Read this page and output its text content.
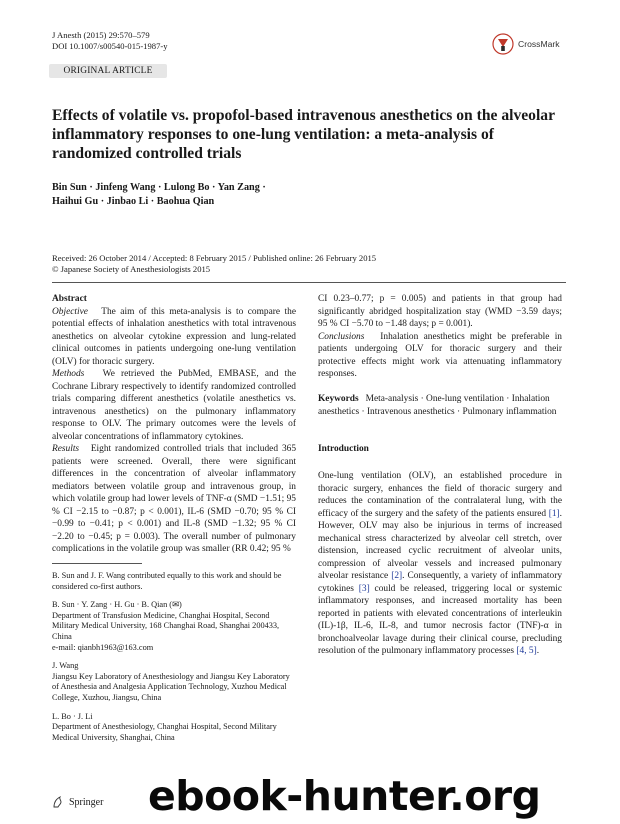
J Anesth (2015) 29:570–579
DOI 10.1007/s00540-015-1987-y	CrossMark
ORIGINAL ARTICLE
Effects of volatile vs. propofol-based intravenous anesthetics on the alveolar inflammatory responses to one-lung ventilation: a meta-analysis of randomized controlled trials
Bin Sun · Jinfeng Wang · Lulong Bo · Yan Zang ·
Haihui Gu · Jinbao Li · Baohua Qian
Received: 26 October 2014 / Accepted: 8 February 2015 / Published online: 26 February 2015
© Japanese Society of Anesthesiologists 2015

Abstract

Objective The aim of this meta-analysis is to compare the potential effects of inhalation anesthetics with total intravenous anesthetics on alveolar cytokine expression and lung-related clinical outcomes in patients undergoing one-lung ventilation (OLV) for thoracic surgery.

Methods We retrieved the PubMed, EMBASE, and the Cochrane Library respectively to identify randomized controlled trials comparing different anesthetics (volatile anesthetics vs. intravenous anesthetics) on the pulmonary inflammatory response to OLV. The primary outcomes were the levels of alveolar concentrations of inflammatory cytokines.

Results Eight randomized controlled trials that included 365 patients were screened. Overall, there were significant differences in the concentration of alveolar inflammatory mediators between volatile group and intravenous group, in which volatile group had lower levels of TNF-α (SMD −1.51; 95 % CI −2.15 to −0.87; p < 0.001), IL-6 (SMD −0.70; 95 % CI −0.99 to −0.41; p < 0.001) and IL-8 (SMD −1.32; 95 % CI −2.20 to −0.45; p = 0.003). The overall number of pulmonary complications in the volatile group was smaller (RR 0.42; 95 %

CI 0.23–0.77; p = 0.005) and patients in that group had significantly abridged hospitalization stay (WMD −3.59 days; 95 % CI −5.70 to −1.48 days; p = 0.001).

Conclusions Inhalation anesthetics might be preferable in patients undergoing OLV for thoracic surgery and their protective effects might work via attenuating inflammatory responses.

Keywords Meta-analysis · One-lung ventilation · Inhalation anesthetics · Intravenous anesthetics · Pulmonary inflammation
Introduction
One-lung ventilation (OLV), an established procedure in thoracic surgery, enhances the field of thoracic surgery and reduces the contamination of the contralateral lung, with the efficacy of the surgery and the safety of the patients ensured [1]. However, OLV may also be injurious in terms of increased mechanical stress characterized by alveolar cell stretch, over distension, increased cyclic recruitment of alveolar units, compression of alveolar vessels and increased pulmonary alveolar resistance [2]. Consequently, a variety of inflammatory cytokines [3] could be released, triggering local or systemic inflammatory responses, and increased mortality has been reported in patients with elevated concentrations of interleukin (IL)-1β, IL-6, IL-8, and tumor necrosis factor (TNF)-α in bronchoalveolar lavage during their clinical course, precluding resolution of the pulmonary inflammatory processes [4, 5].
B. Sun and J. F. Wang contributed equally to this work and should be considered co-first authors.
B. Sun · Y. Zang · H. Gu · B. Qian (✉)
Department of Transfusion Medicine, Changhai Hospital, Second Military Medical University, 168 Changhai Road, Shanghai 200433, China
e-mail: qianbh1963@163.com
J. Wang
Jiangsu Key Laboratory of Anesthesiology and Jiangsu Key Laboratory of Anesthesia and Analgesia Application Technology, Xuzhou Medical College, Xuzhou, Jiangsu, China
L. Bo · J. Li
Department of Anesthesiology, Changhai Hospital, Second Military Medical University, Shanghai, China
Springer ebook-hunter.org
